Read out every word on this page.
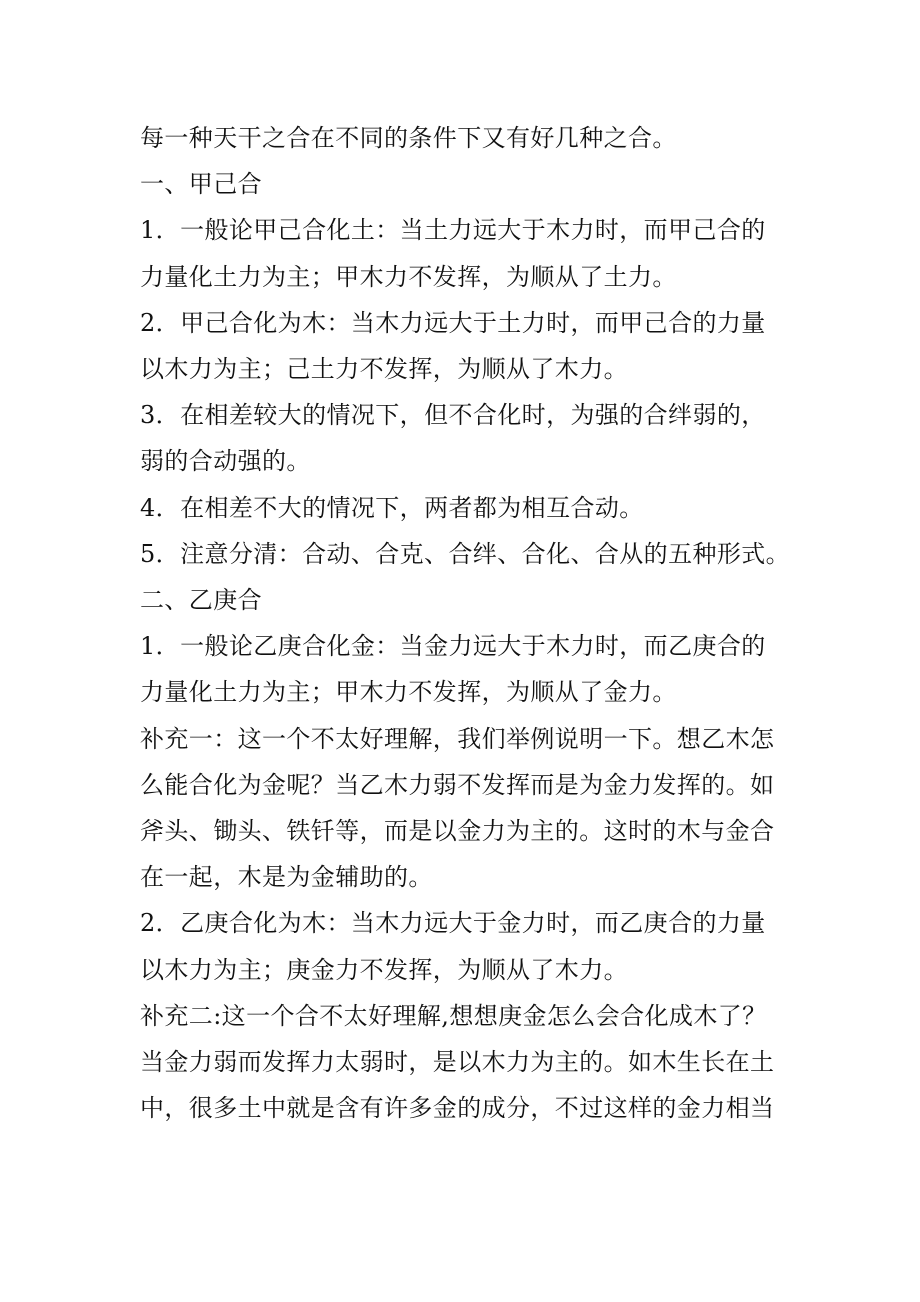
每一种天干之合在不同的条件下又有好几种之合。
一、甲己合
1．一般论甲己合化土：当土力远大于木力时，而甲己合的
力量化土力为主；甲木力不发挥，为顺从了土力。
2．甲己合化为木：当木力远大于土力时，而甲己合的力量
以木力为主；己土力不发挥，为顺从了木力。
3．在相差较大的情况下，但不合化时，为强的合绊弱的，
弱的合动强的。
4．在相差不大的情况下，两者都为相互合动。
5．注意分清：合动、合克、合绊、合化、合从的五种形式。
二、乙庚合
1．一般论乙庚合化金：当金力远大于木力时，而乙庚合的
力量化土力为主；甲木力不发挥，为顺从了金力。
补充一：这一个不太好理解，我们举例说明一下。想乙木怎
么能合化为金呢？当乙木力弱不发挥而是为金力发挥的。如
斧头、锄头、铁钎等，而是以金力为主的。这时的木与金合
在一起，木是为金辅助的。
2．乙庚合化为木：当木力远大于金力时，而乙庚合的力量
以木力为主；庚金力不发挥，为顺从了木力。
补充二:这一个合不太好理解,想想庚金怎么会合化成木了？
当金力弱而发挥力太弱时，是以木力为主的。如木生长在土
中，很多土中就是含有许多金的成分，不过这样的金力相当
